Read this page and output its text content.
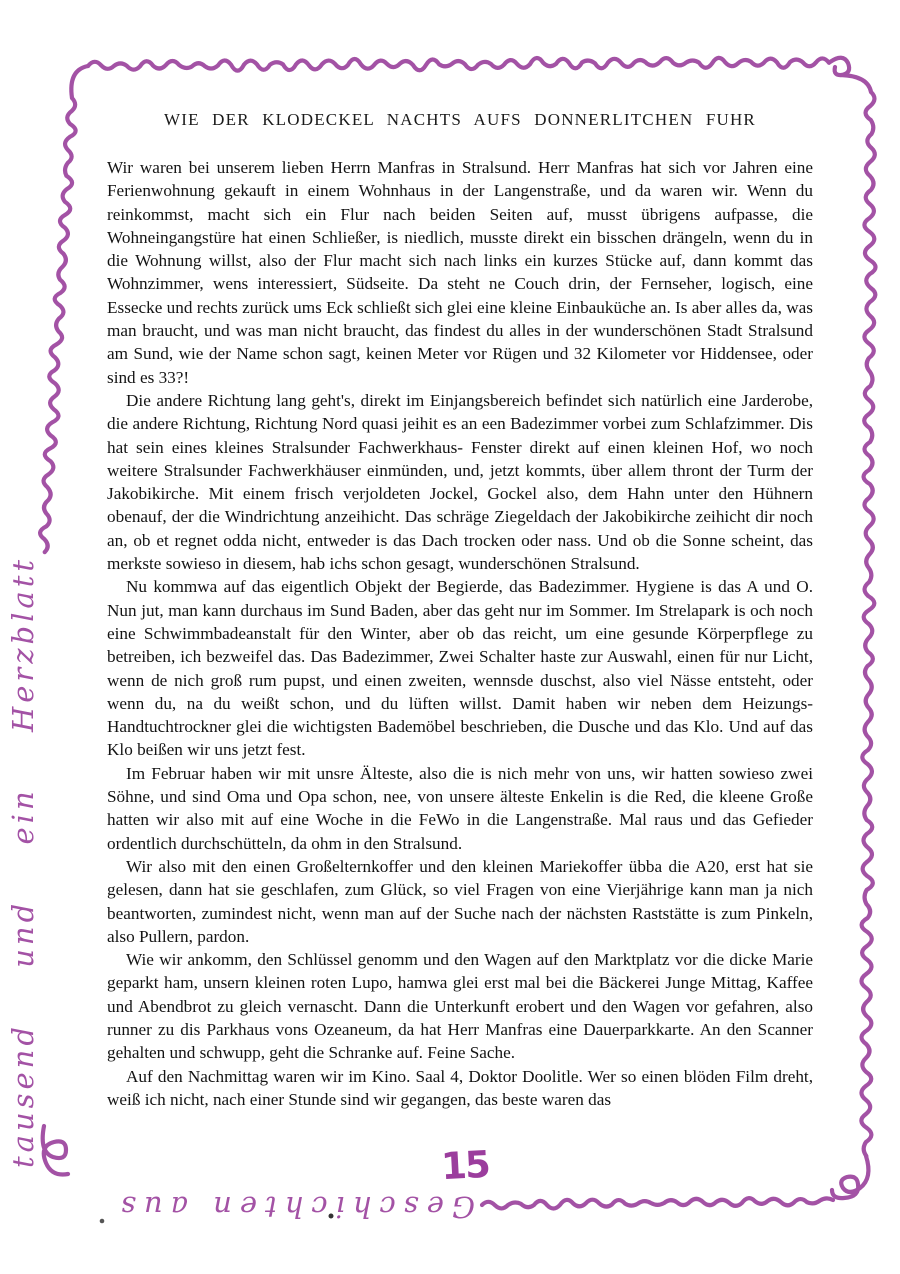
tausend und ein Herzblatt
Geschichten aus
WIE DER KLODECKEL NACHTS AUFS DONNERLITCHEN FUHR

Wir waren bei unserem lieben Herrn Manfras in Stralsund. Herr Manfras hat sich vor Jahren eine Ferienwohnung gekauft in einem Wohnhaus in der Langenstraße, und da waren wir. Wenn du reinkommst, macht sich ein Flur nach beiden Seiten auf, musst übrigens aufpasse, die Wohneingangstüre hat einen Schließer, is niedlich, musste direkt ein bisschen drängeln, wenn du in die Wohnung willst, also der Flur macht sich nach links ein kurzes Stücke auf, dann kommt das Wohnzimmer, wens interessiert, Südseite. Da steht ne Couch drin, der Fernseher, logisch, eine Essecke und rechts zurück ums Eck schließt sich glei eine kleine Einbauküche an. Is aber alles da, was man braucht, und was man nicht braucht, das findest du alles in der wunderschönen Stadt Stralsund am Sund, wie der Name schon sagt, keinen Meter vor Rügen und 32 Kilometer vor Hiddensee, oder sind es 33?!

Die andere Richtung lang geht's, direkt im Einjangsbereich befindet sich natürlich eine Jarderobe, die andere Richtung, Richtung Nord quasi jeihit es an een Badezimmer vorbei zum Schlafzimmer. Dis hat sein eines kleines Stralsunder Fachwerkhaus- Fenster direkt auf einen kleinen Hof, wo noch weitere Stralsunder Fachwerkhäuser einmünden, und, jetzt kommts, über allem thront der Turm der Jakobikirche. Mit einem frisch verjoldeten Jockel, Gockel also, dem Hahn unter den Hühnern obenauf, der die Windrichtung anzeihicht. Das schräge Ziegeldach der Jakobikirche zeihicht dir noch an, ob et regnet odda nicht, entweder is das Dach trocken oder nass. Und ob die Sonne scheint, das merkste sowieso in diesem, hab ichs schon gesagt, wunderschönen Stralsund.

Nu kommwa auf das eigentlich Objekt der Begierde, das Badezimmer. Hygiene is das A und O. Nun jut, man kann durchaus im Sund Baden, aber das geht nur im Sommer. Im Strelapark is och noch eine Schwimmbadeanstalt für den Winter, aber ob das reicht, um eine gesunde Körperpflege zu betreiben, ich bezweifel das. Das Badezimmer, Zwei Schalter haste zur Auswahl, einen für nur Licht, wenn de nich groß rum pupst, und einen zweiten, wennsde duschst, also viel Nässe entsteht, oder wenn du, na du weißt schon, und du lüften willst. Damit haben wir neben dem Heizungs- Handtuchtrockner glei die wichtigsten Bademöbel beschrieben, die Dusche und das Klo. Und auf das Klo beißen wir uns jetzt fest.

Im Februar haben wir mit unsre Älteste, also die is nich mehr von uns, wir hatten sowieso zwei Söhne, und sind Oma und Opa schon, nee, von unsere älteste Enkelin is die Red, die kleene Große hatten wir also mit auf eine Woche in die FeWo in die Langenstraße. Mal raus und das Gefieder ordentlich durchschütteln, da ohm in den Stralsund.

Wir also mit den einen Großelternkoffer und den kleinen Mariekoffer übba die A20, erst hat sie gelesen, dann hat sie geschlafen, zum Glück, so viel Fragen von eine Vierjährige kann man ja nich beantworten, zumindest nicht, wenn man auf der Suche nach der nächsten Raststätte is zum Pinkeln, also Pullern, pardon.

Wie wir ankomm, den Schlüssel genomm und den Wagen auf den Marktplatz vor die dicke Marie geparkt ham, unsern kleinen roten Lupo, hamwa glei erst mal bei die Bäckerei Junge Mittag, Kaffee und Abendbrot zu gleich vernascht. Dann die Unterkunft erobert und den Wagen vor gefahren, also runner zu dis Parkhaus vons Ozeaneum, da hat Herr Manfras eine Dauerparkkarte. An den Scanner gehalten und schwupp, geht die Schranke auf. Feine Sache.

Auf den Nachmittag waren wir im Kino. Saal 4, Doktor Doolitle. Wer so einen blöden Film dreht, weiß ich nicht, nach einer Stunde sind wir gegangen, das beste waren das

15
